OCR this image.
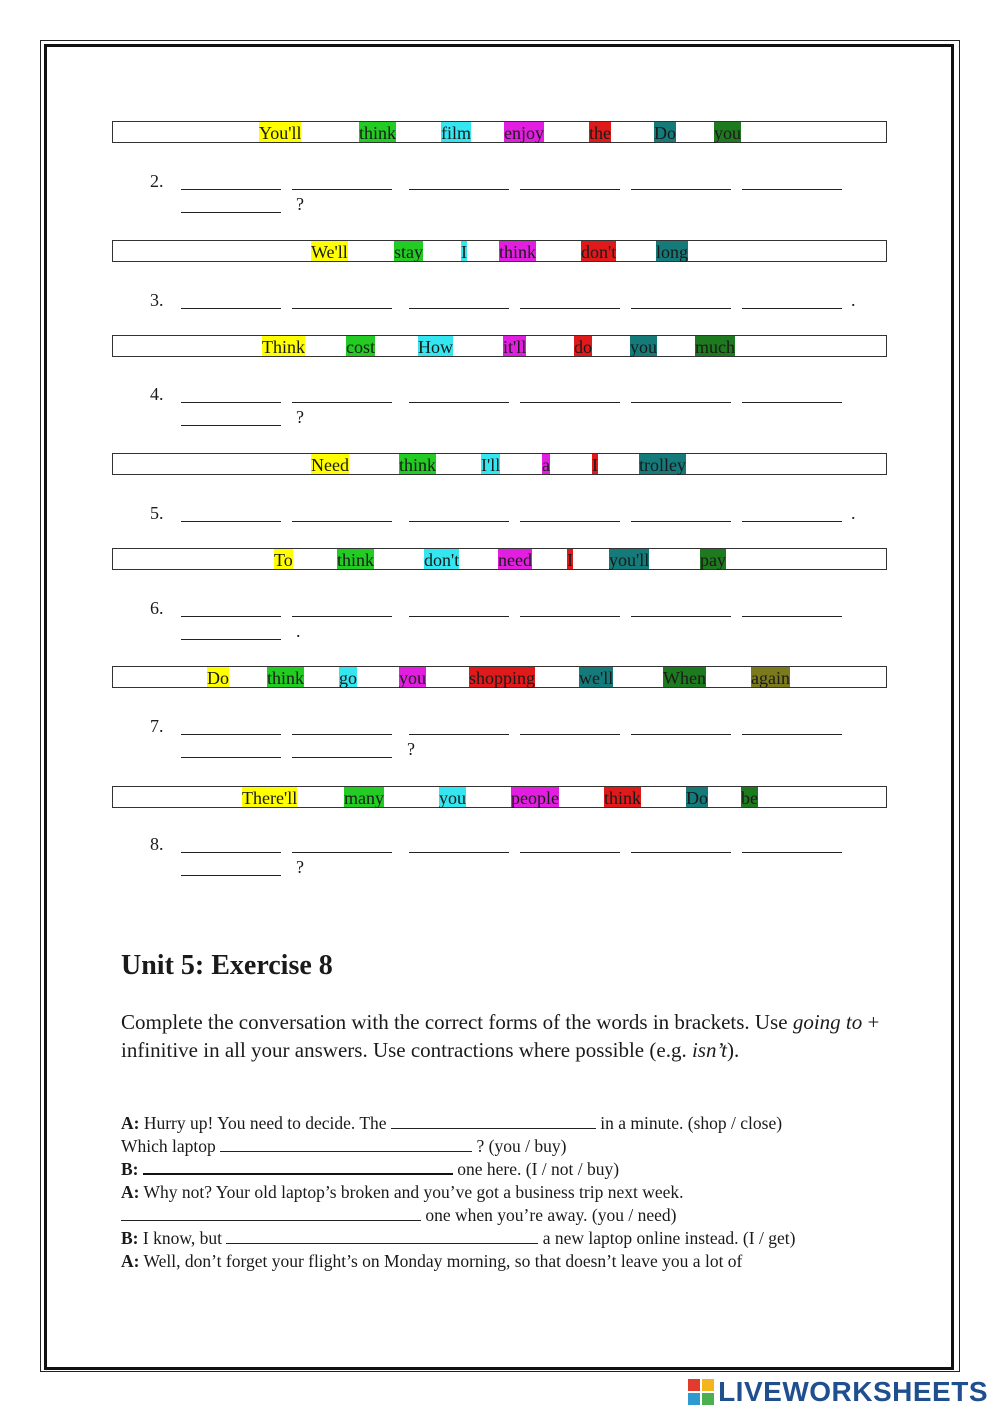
You'll	think film enjoy	the Do you
2.
?
We'll	stay I think don't long
3.	.
Think cost How	it'll	do you much
4.
?
Need	think I'll a I trolley
5.	.
To think	don't need I you'll	pay
6.
.
Do think go you shopping we'll	When	again
7.
?
There'll	many	you	people	think Do be
8.
?
Unit 5: Exercise 8

Complete the conversation with the correct forms of the words in brackets. Use going to + infinitive in all your answers. Use contractions where possible (e.g. isn’t).

A: Hurry up! You need to decide. The	in a minute. (shop / close)
Which laptop	? (you / buy)
B:	one here. (I / not / buy)
A: Why not? Your old laptop’s broken and you’ve got a business trip next week.
one when you’re away. (you / need)
B: I know, but	a new laptop online instead. (I / get)
A: Well, don’t forget your flight’s on Monday morning, so that doesn’t leave you a lot of
LIVEWORKSHEETS
